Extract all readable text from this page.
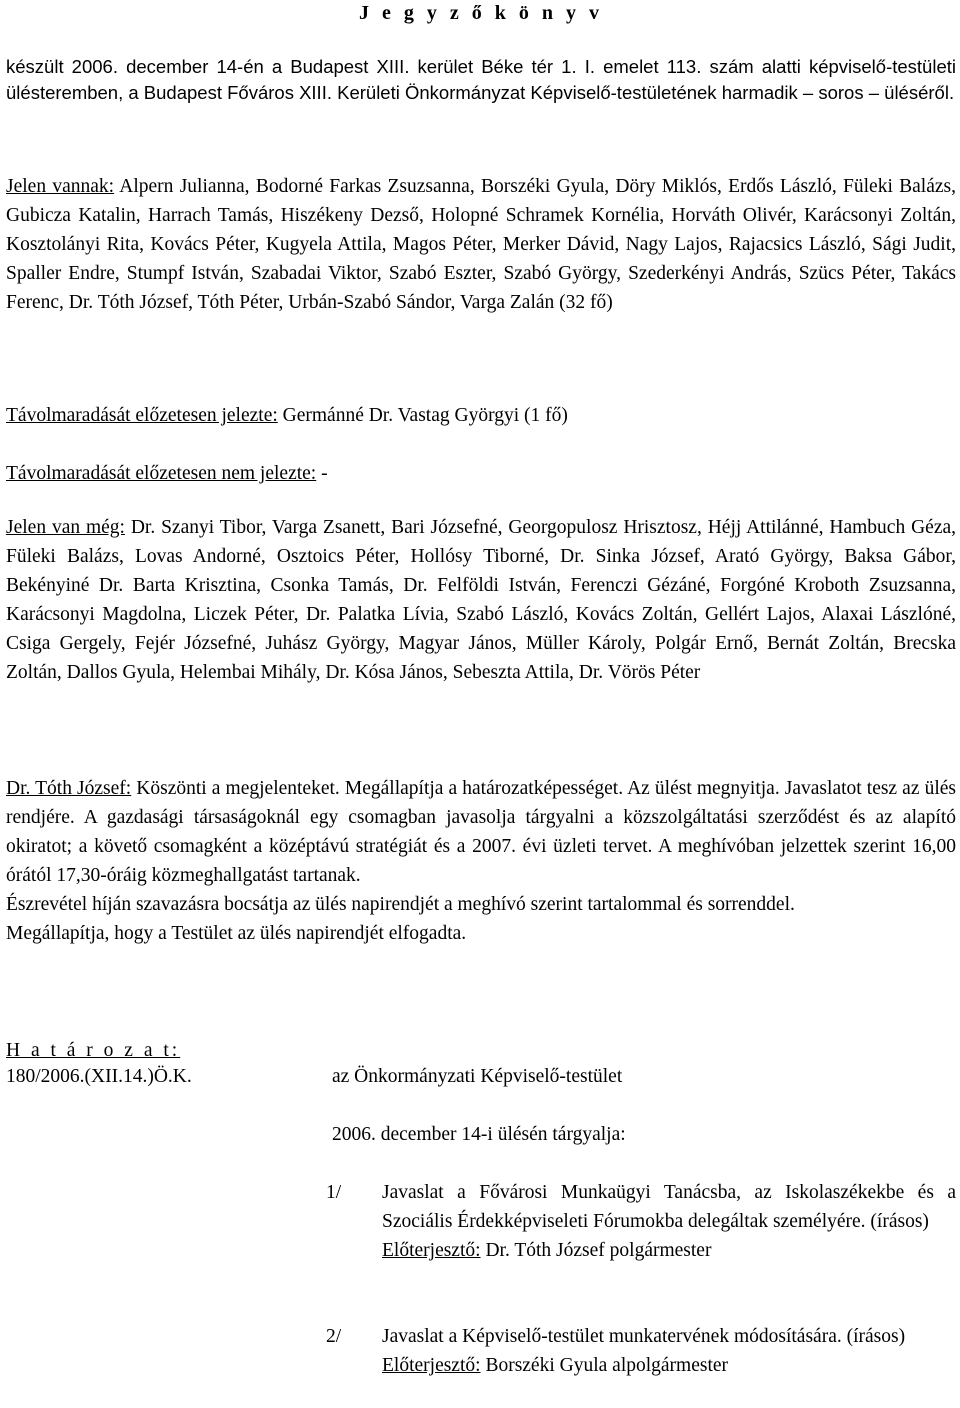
J e g y z ő k ö n y v
készült 2006. december 14-én a Budapest XIII. kerület Béke tér 1. I. emelet 113. szám alatti képviselő-testületi ülésteremben, a Budapest Főváros XIII. Kerületi Önkormányzat Képviselő-testületének harmadik – soros – üléséről.
Jelen vannak: Alpern Julianna, Bodorné Farkas Zsuzsanna, Borszéki Gyula, Döry Miklós, Erdős László, Füleki Balázs, Gubicza Katalin, Harrach Tamás, Hiszékeny Dezső, Holopné Schramek Kornélia, Horváth Olivér, Karácsonyi Zoltán, Kosztolányi Rita, Kovács Péter, Kugyela Attila, Magos Péter, Merker Dávid, Nagy Lajos, Rajacsics László, Sági Judit, Spaller Endre, Stumpf István, Szabadai Viktor, Szabó Eszter, Szabó György, Szederkényi András, Szücs Péter, Takács Ferenc, Dr. Tóth József, Tóth Péter, Urbán-Szabó Sándor, Varga Zalán (32 fő)
Távolmaradását előzetesen jelezte: Germánné Dr. Vastag Györgyi (1 fő)
Távolmaradását előzetesen nem jelezte: -
Jelen van még: Dr. Szanyi Tibor, Varga Zsanett, Bari Józsefné, Georgopulosz Hrisztosz, Héjj Attilánné, Hambuch Géza, Füleki Balázs, Lovas Andorné, Osztoics Péter, Hollósy Tiborné, Dr. Sinka József, Arató György, Baksa Gábor, Bekényiné Dr. Barta Krisztina, Csonka Tamás, Dr. Felföldi István, Ferenczi Gézáné, Forgóné Kroboth Zsuzsanna, Karácsonyi Magdolna, Liczek Péter, Dr. Palatka Lívia, Szabó László, Kovács Zoltán, Gellért Lajos, Alaxai Lászlóné, Csiga Gergely, Fejér Józsefné, Juhász György, Magyar János, Müller Károly, Polgár Ernő, Bernát Zoltán, Brecska Zoltán, Dallos Gyula, Helembai Mihály, Dr. Kósa János, Sebeszta Attila, Dr. Vörös Péter
Dr. Tóth József: Köszönti a megjelenteket. Megállapítja a határozatképességet. Az ülést megnyitja. Javaslatot tesz az ülés rendjére. A gazdasági társaságoknál egy csomagban javasolja tárgyalni a közszolgáltatási szerződést és az alapító okiratot; a követő csomagként a középtávú stratégiát és a 2007. évi üzleti tervet. A meghívóban jelzettek szerint 16,00 órától 17,30-óráig közmeghallgatást tartanak.
Észrevétel híján szavazásra bocsátja az ülés napirendjét a meghívó szerint tartalommal és sorrenddel.
Megállapítja, hogy a Testület az ülés napirendjét elfogadta.
H a t á r o z a t:
180/2006.(XII.14.)Ö.K.	az Önkormányzati Képviselő-testület
2006. december 14-i ülésén tárgyalja:
1/ Javaslat a Fővárosi Munkaügyi Tanácsba, az Iskolaszékekbe és a Szociális Érdekképviseleti Fórumokba delegáltak személyére. (írásos)
Előterjesztő: Dr. Tóth József polgármester
2/ Javaslat a Képviselő-testület munkatervének módosítására. (írásos)
Előterjesztő: Borszéki Gyula alpolgármester
